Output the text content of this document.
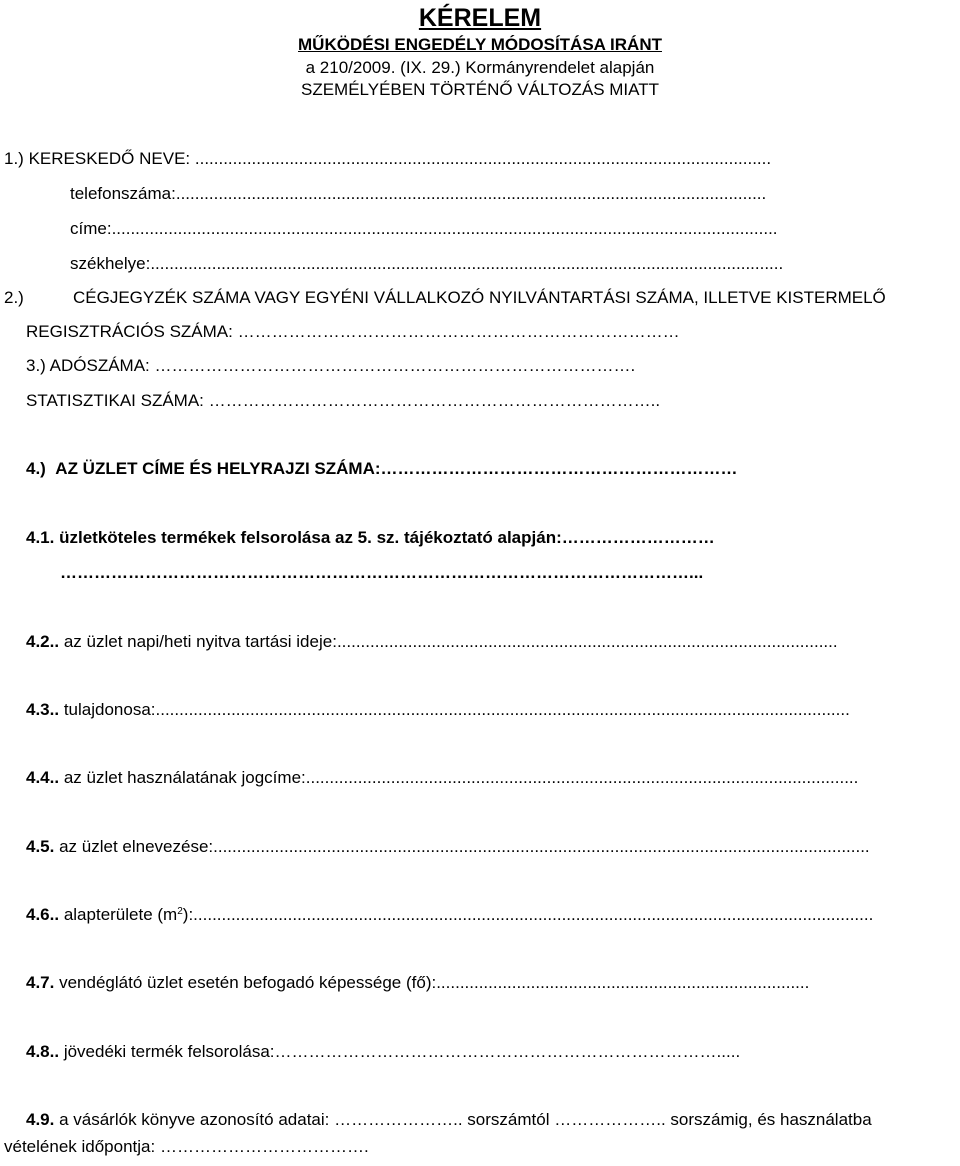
KÉRELEM
MŰKÖDÉSI ENGEDÉLY MÓDOSÍTÁSA IRÁNT
a 210/2009. (IX. 29.) Kormányrendelet alapján
SZEMÉLYÉBEN TÖRTÉNŐ VÁLTOZÁS MIATT
1.) KERESKEDŐ NEVE: ..........................................................................................................................
telefonszáma:.............................................................................................................................
címe:.............................................................................................................................................
székhelye:......................................................................................................................................
2.)	CÉGJEGYZÉK SZÁMA VAGY EGYÉNI VÁLLALKOZÓ NYILVÁNTARTÁSI SZÁMA, ILLETVE KISTERMELŐ
REGISZTRÁCIÓS SZÁMA: ……………………………………………………………………
3.) ADÓSZÁMA: ………………………………………………………………………….
STATISZTIKAI SZÁMA: ……………………………………………………………………..
4.) AZ ÜZLET CÍME ÉS HELYRAJZI SZÁMA:………………………………………………………
4.1. üzletköteles termékek felsorolása az 5. sz. tájékoztató alapján:………………………
…………………………………………………………………………………………………...
4.2.. az üzlet napi/heti nyitva tartási ideje:..........................................................................................................
4.3.. tulajdonosa:...................................................................................................................................................
4.4.. az üzlet használatának jogcíme:.....................................................................................................................
4.5. az üzlet elnevezése:...........................................................................................................................................
4.6.. alapterülete $(m^2)$:................................................................................................................................................
4.7. vendéglátó üzlet esetén befogadó képessége (fő):...............................................................................
4.8.. jövedéki termék felsorolása:…………………………………………………………………….....
4.9. a vásárlók könyve azonosító adatai: ………………….. sorszámtól ……………….. sorszámig, és használatba
vételének időpontja: ……………………………….
